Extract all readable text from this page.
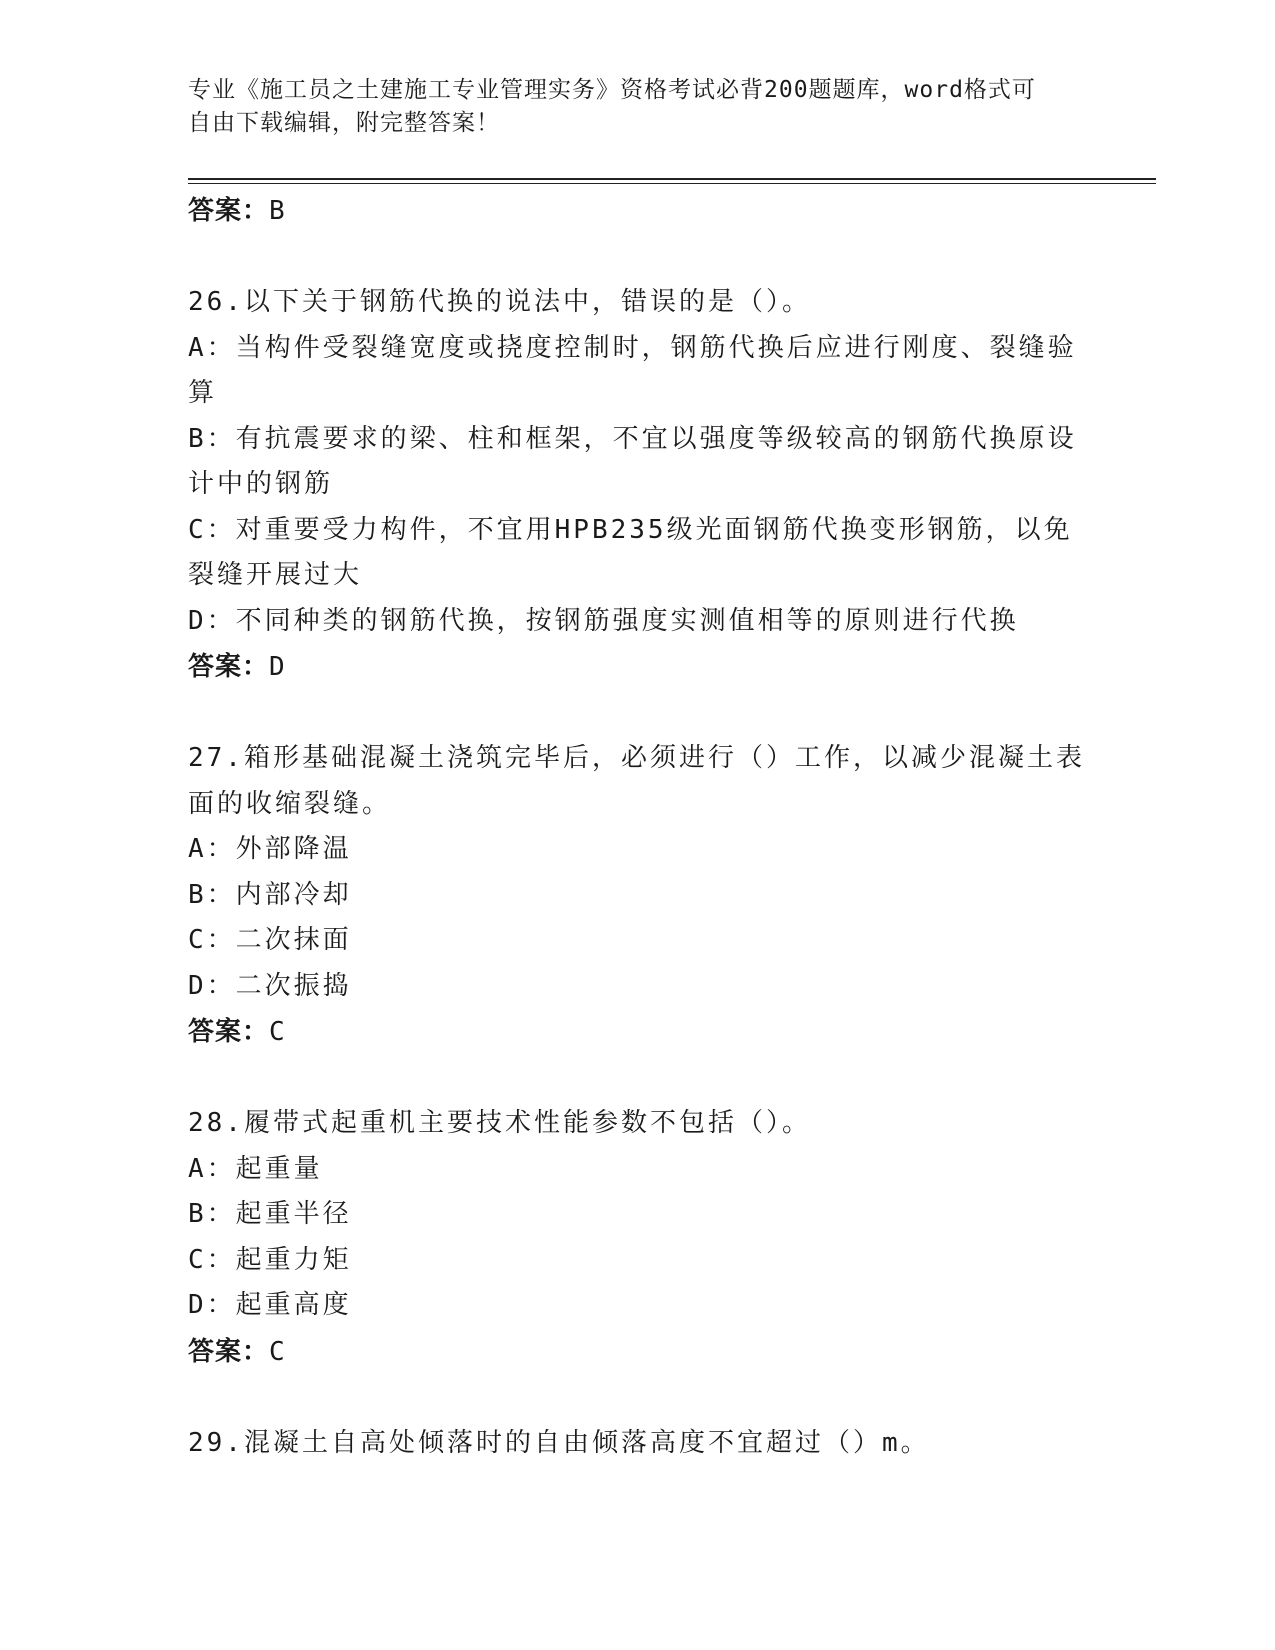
专业《施工员之土建施工专业管理实务》资格考试必背200题题库，word格式可
自由下载编辑，附完整答案！
答案：B
26.以下关于钢筋代换的说法中，错误的是（）。
A：当构件受裂缝宽度或挠度控制时，钢筋代换后应进行刚度、裂缝验
算
B：有抗震要求的梁、柱和框架，不宜以强度等级较高的钢筋代换原设
计中的钢筋
C：对重要受力构件，不宜用HPB235级光面钢筋代换变形钢筋，以免
裂缝开展过大
D：不同种类的钢筋代换，按钢筋强度实测值相等的原则进行代换
答案：D
27.箱形基础混凝土浇筑完毕后，必须进行（）工作，以减少混凝土表
面的收缩裂缝。
A：外部降温
B：内部冷却
C：二次抹面
D：二次振捣
答案：C
28.履带式起重机主要技术性能参数不包括（）。
A：起重量
B：起重半径
C：起重力矩
D：起重高度
答案：C
29.混凝土自高处倾落时的自由倾落高度不宜超过（）m。
